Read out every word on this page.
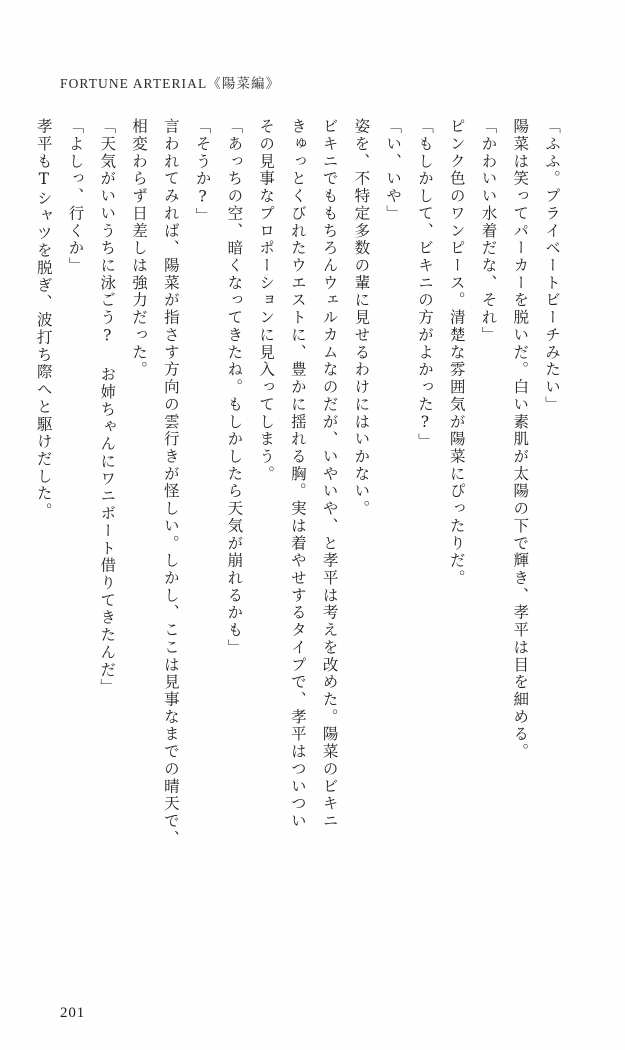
FORTUNE ARTERIAL《陽菜編》

「ふふ。プライベートビーチみたい」

陽菜は笑ってパーカーを脱いだ。白い素肌が太陽の下で輝き、孝平は目を細める。

「かわいい水着だな、それ」

ピンク色のワンピース。清楚な雰囲気が陽菜にぴったりだ。

「もしかして、ビキニの方がよかった?」

「い、いや」

姿を、不特定多数の輩に見せるわけにはいかない。

ビキニでももちろんウェルカムなのだが、いやいや、と孝平は考えを改めた。陽菜のビキニ

きゅっとくびれたウエストに、豊かに揺れる胸。実は着やせするタイプで、孝平はついつい

その見事なプロポーションに見入ってしまう。

「あっちの空、暗くなってきたね。もしかしたら天気が崩れるかも」

「そうか?」

言われてみれば、陽菜が指さす方向の雲行きが怪しい。しかし、ここは見事なまでの晴天で、

相変わらず日差しは強力だった。

「天気がいいうちに泳ごう? お姉ちゃんにワニボート借りてきたんだ」

「よしっ、行くか」

孝平もTシャツを脱ぎ、波打ち際へと駆けだした。

201
